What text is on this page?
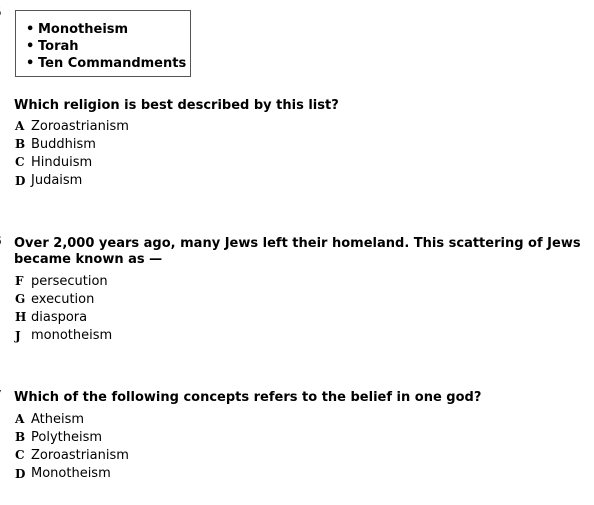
• Monotheism
• Torah
• Ten Commandments
Which religion is best described by this list?
A Zoroastrianism
B Buddhism
C Hinduism
D Judaism
Over 2,000 years ago, many Jews left their homeland. This scattering of Jews became known as —
F persecution
G execution
H diaspora
J monotheism
Which of the following concepts refers to the belief in one god?
A Atheism
B Polytheism
C Zoroastrianism
D Monotheism
